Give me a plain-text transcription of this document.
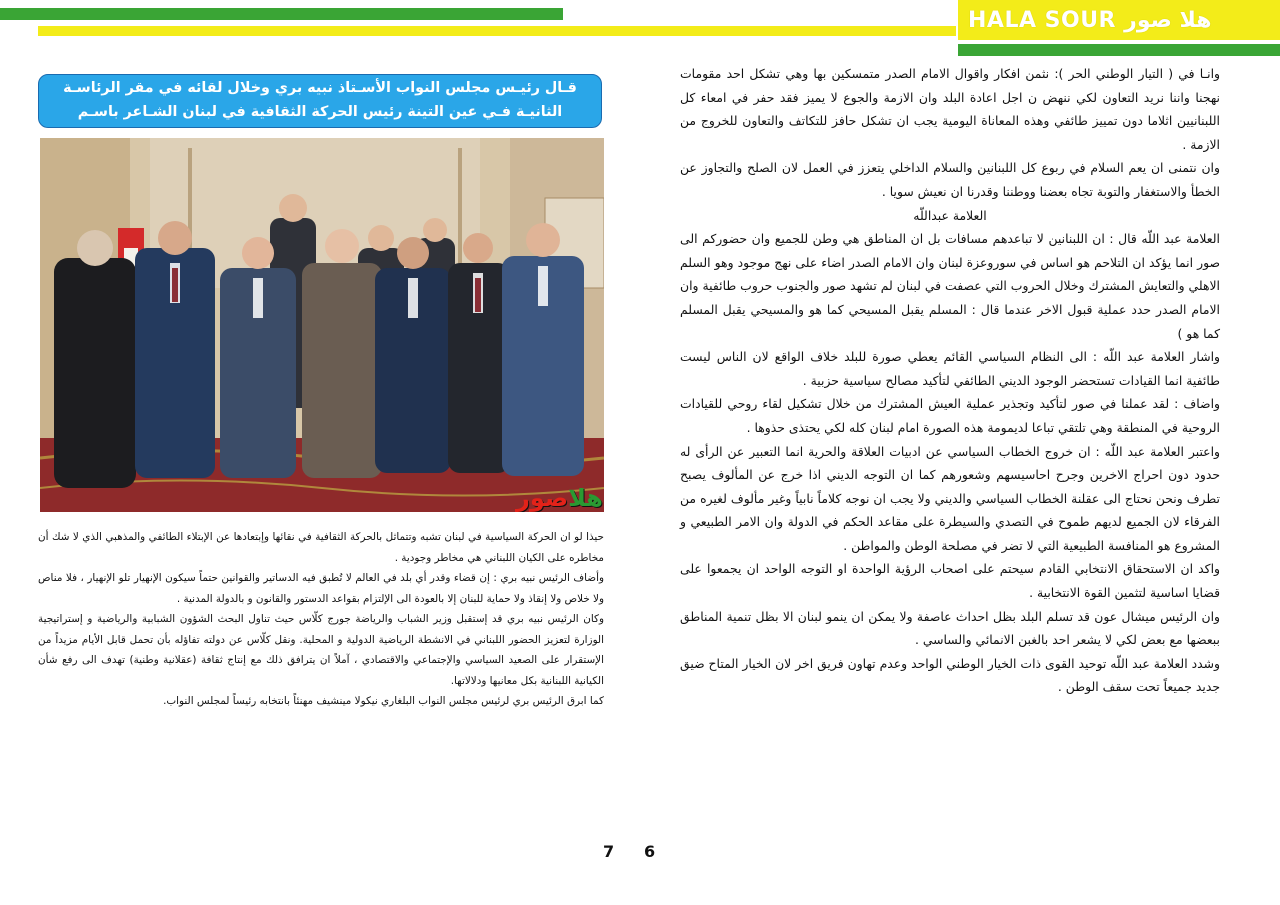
HALA SOUR هلا صور

وانـا في ( التيار الوطني الحر ): نثمن افكار واقوال الامام الصدر متمسكين بها وهي تشكل احد مقومات نهجنا واننا نريد التعاون لكي ننهض ن اجل اعادة البلد وان الازمة والجوع لا يميز فقد حفر في امعاء كل اللبنانيين اثلاما دون تمييز طائفي وهذه المعاناة اليومية يجب ان تشكل حافز للتكاتف والتعاون للخروج من الازمة .

وان نتمنى ان يعم السلام في ربوع كل اللبنانين والسلام الداخلي يتعزز في العمل لان الصلح والتجاوز عن الخطأ والاستغفار والتوبة تجاه بعضنا ووطننا وقدرنا ان نعيش سويا .

العلامة عبداللّه

العلامة عبد اللّه قال : ان اللبنانين لا تباعدهم مسافات بل ان المناطق هي وطن للجميع وان حضوركم الى صور انما يؤكد ان التلاحم هو اساس في سوروعزة لبنان وان الامام الصدر اضاء على نهج موجود وهو السلم الاهلي والتعايش المشترك وخلال الحروب التي عصفت في لبنان لم تشهد صور والجنوب حروب طائفية وان الامام الصدر حدد عملية قبول الاخر عندما قال : المسلم يقبل المسيحي كما هو والمسيحي يقبل المسلم كما هو )

واشار العلامة عبد اللّه : الى النظام السياسي القائم يعطي صورة للبلد خلاف الواقع لان الناس ليست طائفية انما القيادات تستحضر الوجود الديني الطائفي لتأكيد مصالح سياسية حزبية .

واضاف : لقد عملنا في صور لتأكيد وتجذير عملية العيش المشترك من خلال تشكيل لقاء روحي للقيادات الروحية في المنطقة وهي تلتقي تباعا لديمومة هذه الصورة امام لبنان كله لكي يحتذى حذوها .

واعتبر العلامة عبد اللّه : ان خروج الخطاب السياسي عن ادبيات العلاقة والحرية انما التعبير عن الرأى له حدود دون احراج الاخرين وجرح احاسيسهم وشعورهم كما ان التوجه الديني اذا خرج عن المألوف يصبح تطرف ونحن نحتاج الى عقلنة الخطاب السياسي والديني ولا يجب ان نوجه كلاماً نابياً وغير مألوف لغيره من الفرقاء لان الجميع لديهم طموح في التصدي والسيطرة على مقاعد الحكم في الدولة وان الامر الطبيعي و المشروع هو المنافسة الطبيعية التي لا تضر في مصلحة الوطن والمواطن .

واكد ان الاستحقاق الانتخابي القادم سيحتم على اصحاب الرؤية الواحدة او التوجه الواحد ان يجمعوا على قضايا اساسية لتثمين القوة الانتخابية .

وان الرئيس ميشال عون قد تسلم البلد بظل احداث عاصفة ولا يمكن ان ينمو لبنان الا بظل تنمية المناطق ببعضها مع بعض لكي لا يشعر احد بالغبن الانمائي والساسي .

وشدد العلامة عبد اللّه توحيد القوى ذات الخيار الوطني الواحد وعدم تهاون فريق اخر لان الخيار المتاح ضيق جديد جميعاً تحت سقف الوطن .

قـال رئيـس مجلس النواب الأسـتاذ نبيه بري وخلال لقائه في مقر الرئاسـة
الثانيـة فـي عين التينة رئيس الحركة الثقافية في لبنان الشـاعر باسـم
هلاصور

حيذا لو ان الحركة السياسية في لبنان تشبه وتتماثل بالحركة الثقافية في نقائها وإبتعادها عن الإبتلاء الطائفي والمذهبي الذي لا شك أن مخاطره على الكيان اللبناني هي مخاطر وجودية .

وأضاف الرئيس نبيه بري : إن قضاء وقدر أي بلد في العالم لا تُطبق فيه الدساتير والقوانين حتماً سيكون الإنهيار تلو الإنهيار ، فلا مناص ولا خلاص ولا إنقاذ ولا حماية للبنان إلا بالعودة الى الإلتزام بقواعد الدستور والقانون و بالدولة المدنية .

وكان الرئيس نبيه بري قد إستقبل وزير الشباب والرياضة جورج كلّاس حيث تناول البحث الشؤون الشبابية والرياضية و إستراتيجية الوزارة لتعزيز الحضور اللبناني في الانشطة الرياضية الدولية و المحلية. ونقل كلّاس عن دولته تفاؤله بأن تحمل قابل الأيام مزيداً من الإستقرار على الصعيد السياسي والإجتماعي والاقتصادي ، آملاً ان يترافق ذلك مع إنتاج ثقافة (عقلانية وطنية) تهدف الى رفع شأن الكيانية اللبنانية بكل معانيها ودلالاتها.

كما ابرق الرئيس بري لرئيس مجلس النواب البلغاري نيكولا مينشيف مهنئاً بانتخابه رئيساً لمجلس النواب.

7 6
